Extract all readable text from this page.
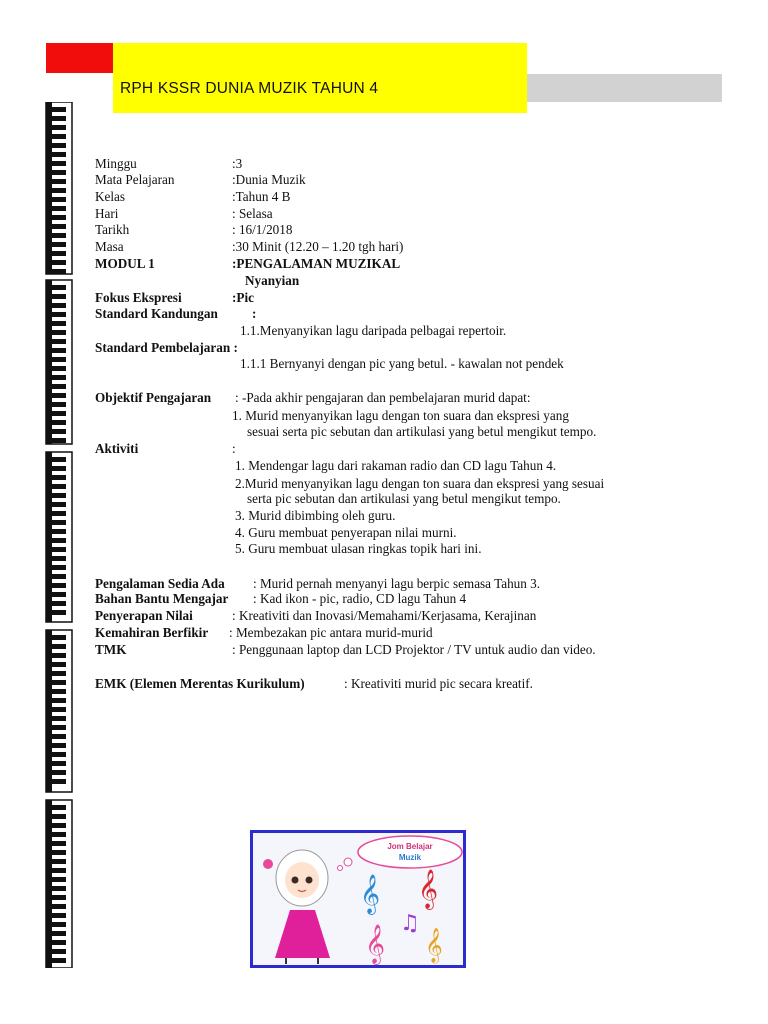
RPH KSSR DUNIA MUZIK TAHUN 4
Minggu	:3
Mata Pelajaran	:Dunia Muzik
Kelas	:Tahun 4 B
Hari	: Selasa
Tarikh	: 16/1/2018
Masa	:30 Minit (12.20 – 1.20 tgh hari)
MODUL 1	:PENGALAMAN MUZIKAL
Nyanyian
Fokus Ekspresi	:Pic
Standard Kandungan	:
1.1.Menyanyikan lagu daripada pelbagai repertoir.
Standard Pembelajaran :
1.1.1 Bernyanyi dengan pic yang betul. - kawalan not pendek
Objektif Pengajaran : -Pada akhir pengajaran dan pembelajaran murid dapat:
1. Murid menyanyikan lagu dengan ton suara dan ekspresi yang
sesuai serta pic sebutan dan artikulasi yang betul mengikut tempo.
Aktiviti	:
1. Mendengar lagu dari rakaman radio dan CD lagu Tahun 4.
2.Murid menyanyikan lagu dengan ton suara dan ekspresi yang sesuai
serta pic sebutan dan artikulasi yang betul mengikut tempo.
3. Murid dibimbing oleh guru.
4. Guru membuat penyerapan nilai murni.
5. Guru membuat ulasan ringkas topik hari ini.
Pengalaman Sedia Ada : Murid pernah menyanyi lagu berpic semasa Tahun 3.
Bahan Bantu Mengajar : Kad ikon - pic, radio, CD lagu Tahun 4
Penyerapan Nilai	: Kreativiti dan Inovasi/Memahami/Kerjasama, Kerajinan
Kemahiran Berfikir : Membezakan pic antara murid-murid
TMK	: Penggunaan laptop dan LCD Projektor / TV untuk audio dan video.
EMK (Elemen Merentas Kurikulum)	: Kreativiti murid pic secara kreatif.
Jom Belajar
Muzik
𝄞 𝄞
𝄞 𝄞
♫
